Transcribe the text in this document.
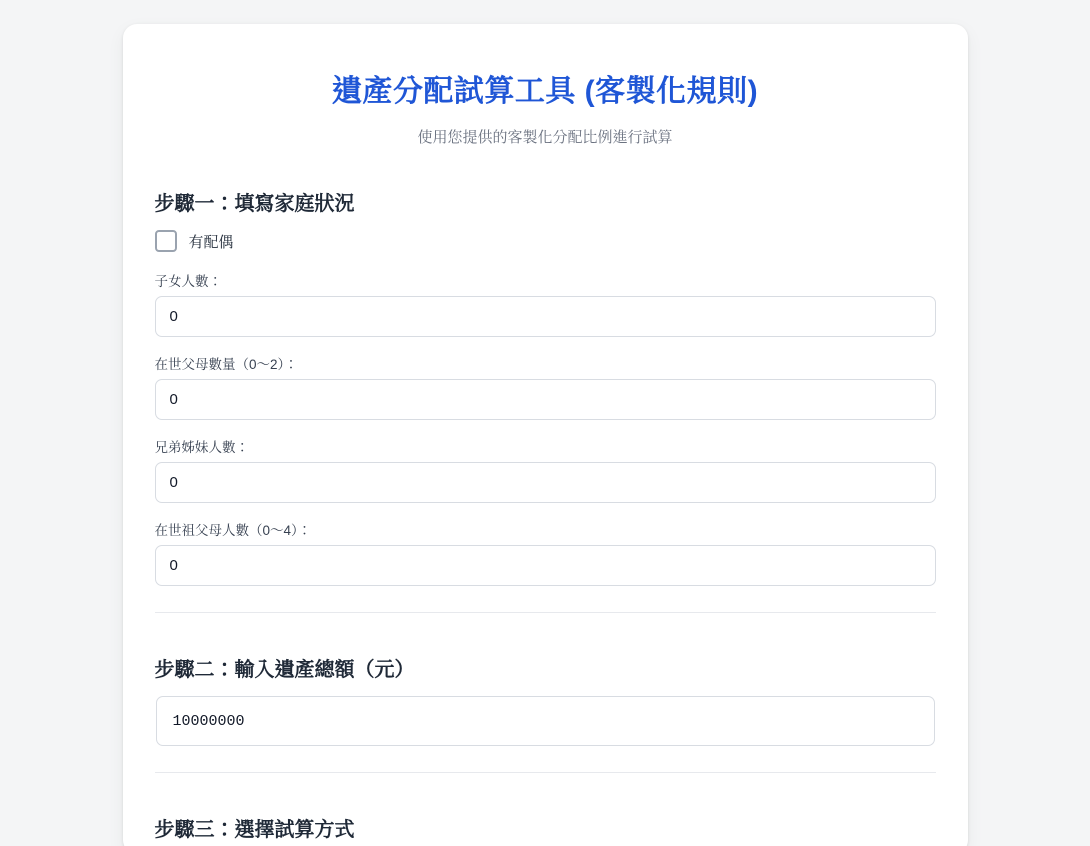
遺產分配試算工具 (客製化規則)

使用您提供的客製化分配比例進行試算

步驟一：填寫家庭狀況
有配偶
子女人數：
0
在世父母數量（0～2）：
0
兄弟姊妹人數：
0
在世祖父母人數（0～4）：
0
步驟二：輸入遺產總額（元）
10000000
步驟三：選擇試算方式
